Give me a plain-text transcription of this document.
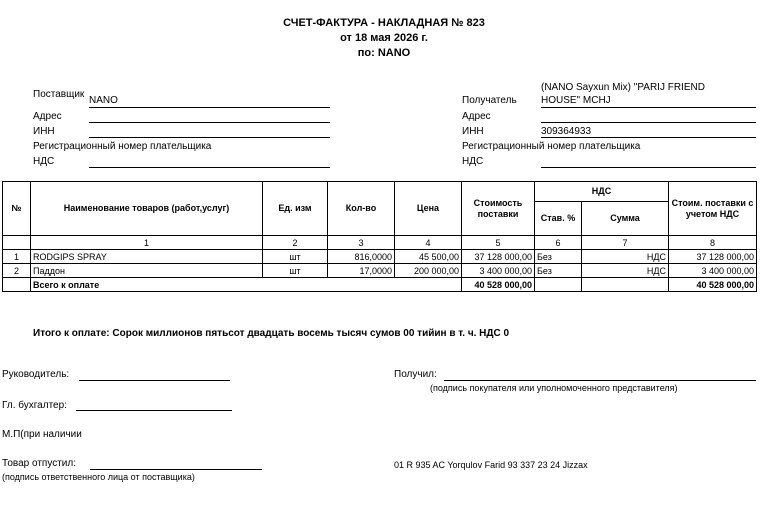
СЧЕТ-ФАКТУРА - НАКЛАДНАЯ № 823
от 18 мая 2026 г.
по: NANO
Поставщик
NANO
Адрес
ИНН
Регистрационный номер плательщика
НДС
(NANO Sayxun Mix) "PARIJ FRIEND
Получатель HOUSE" MCHJ
Адрес
ИНН	309364933
Регистрационный номер плательщика
НДС
№	Наименование товаров (работ,услуг)	Ед. изм	Кол-во	Цена	Стоимость поставки	НДС		Стоим. поставки с учетом НДС
						Став. %	Сумма	
	1	2	3	4	5	6	7	8
1	RODGIPS SPRAY	шт	816,0000	45 500,00	37 128 000,00	Без	НДС	37 128 000,00
2	Паддон	шт	17,0000	200 000,00	3 400 000,00	Без	НДС	3 400 000,00
	Всего к оплате				40 528 000,00			40 528 000,00
Итого к оплате: Сорок миллионов пятьсот двадцать восемь тысяч сумов 00 тийин в т. ч. НДС 0
Руководитель:	Получил:
(подпись покупателя или уполномоченного представителя)
Гл. бухгалтер:
М.П(при наличии
Товар отпустил:
(подпись ответственного лица от поставщика)
01 R 935 AC Yorqulov Farid 93 337 23 24 Jizzax
